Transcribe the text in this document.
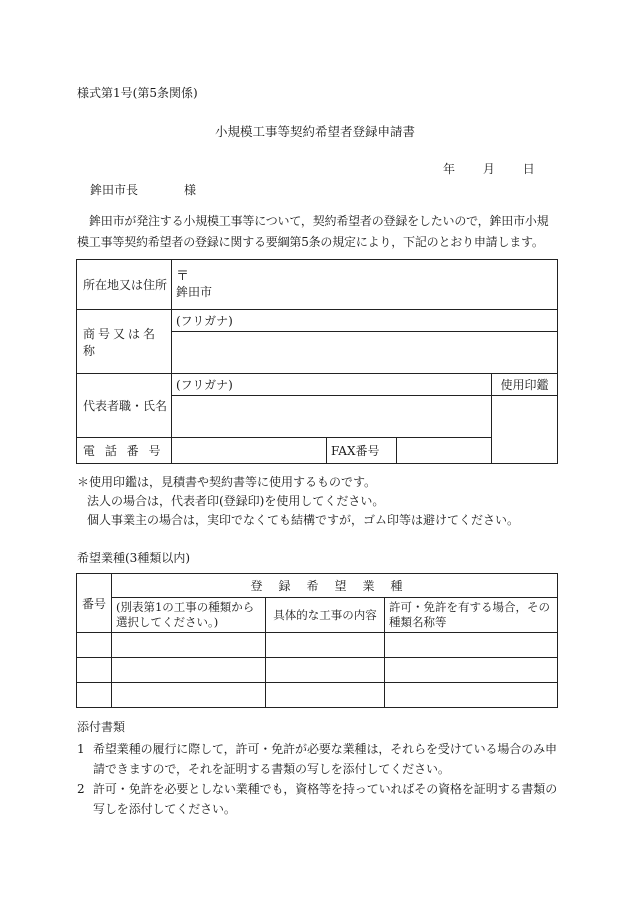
様式第1号(第5条関係)
小規模工事等契約希望者登録申請書
年 月 日
鉾田市長	様
鉾田市が発注する小規模工事等について，契約希望者の登録をしたいので，鉾田市小規模工事等契約希望者の登録に関する要綱第5条の規定により，下記のとおり申請します。
所在地又は住所	〒
鉾田市			

商号又は名称	(フリガナ)			

代表者職・氏名	(フリガナ)			使用印鑑

電 話 番 号		FAX番号		
＊使用印鑑は，見積書や契約書等に使用するものです。
法人の場合は，代表者印(登録印)を使用してください。
個人事業主の場合は，実印でなくても結構ですが，ゴム印等は避けてください。
希望業種(3種類以内)
番号	登録希望業種		
	(別表第1の工事の種類から選択してください。)	具体的な工事の内容	許可・免許を有する場合，その種類名称等

添付書類
1 希望業種の履行に際して，許可・免許が必要な業種は，それらを受けている場合のみ申請できますので，それを証明する書類の写しを添付してください。
2 許可・免許を必要としない業種でも，資格等を持っていればその資格を証明する書類の写しを添付してください。
